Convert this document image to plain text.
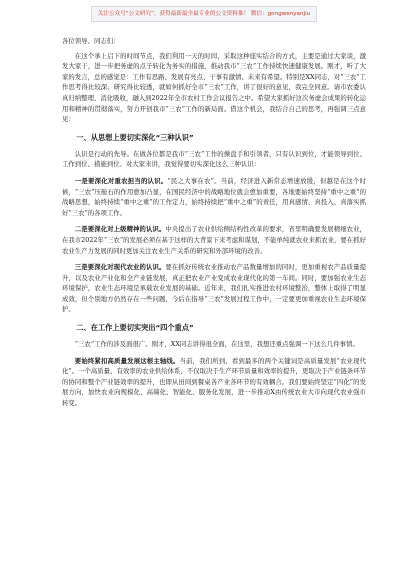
关注公众号“公文研究”，获得最新最全最专业的公文资料推！ 微信：gongwenyanjiu

各位领导、同志们：

在这个承上启下的时间节点，我们利用一天的时间，采取这种座实结合的方式，主要是通过大家谈，激发大家干，进一步把务虚的点子转化为务实的措施，推动我市“三农”工作持续快速健康发展。刚才，听了大家的发言，总的感觉是：工作有思路、发展有亮点、干事有激情、未来有希望。特别是XX同志，对“三农”工作思考得比较深、研究得比较透，就如何抓好全市“三农”工作，讲了很好的意见，我完全同意。请市农委认真归纳整理、消化吸收，融入到2022年全市农村工作会议报告之中。希望大家抓好这次务虚会成果的转化运用和精神的贯彻落实，努力开创我市“三农”工作的新局面。借这个机会，我结合自己的思考，再强调三点意见：

一、从思想上要切实深化“三种认识”

认识是行动的先导。在做各位都是我市“三农”工作的操盘手和引领者，只有认识到位，才能领导到位、工作到位、措施到位。对大家来讲，我觉得要切实深化这么三种认识：

一是要深化对重农担当的认识。“民之大事在农”。当前，经济进入新常态增速放缓，但越是在这个时候，“三农”压舱石的作用愈加凸显，在国民经济中的战略地位就会愈加重要，各地要始终坚持“重中之重”的战略思想，始终持续“重中之重”的工作定力，始终持续把“重中之重”的责任，用真感情、真投入、真落实抓好“三农”的各项工作。

二是要深化对上级精神的认识。中央提出了农业供给侧结构性改革的要求，省里明确要发展精细农业，在我市2022年“三农”的发展必须在基于这样的大背景下来考虑和谋划，不能单纯就农业来抓农业，要在抓好农业生产力发展的同时更加关注农业生产关系的研究和外部环境的改善。

三是要深化对现代农业的认识。要在抓好传统农业推动农产品数量增加的同时，更加重视农产品质量提升，以及农业产业化和全产业链发展，真正把农业产业变成农业现代化的第一车间。同时，要加强农业生态环境保护，农业生态环境是承载农业发展的基础。近年来，我们扎实推进农村环境整治，整体上取得了明显成效，但个别地方仍然存在一些问题，今后在指导“三农”发展过程工作中，一定要更加重视农业生态环境保护。

二、在工作上要切实突出“四个重点”

“三农”工作的涉及面很广。刚才，XX同志讲得很全面，在这里，我想还重点强调一下这么几件事情。

要始终紧扣高质量发展这根主轴线。当前，我们所到、看到最多的两个关键词是高质量发展“农业现代化”。一个高质量、有效率的农业供给体系，不仅取决于生产环节质量和效率的提升，更取决于产业链条环节的协同和整个产业链效率的提升，也即从田间到餐桌各产业各环节的有效耦合。我们要始终坚定“四化”的发展方向，加快农业向规模化、高端化、智能化、服务化发展，进一步推动X由传统农业大市向现代农业强市转变。
